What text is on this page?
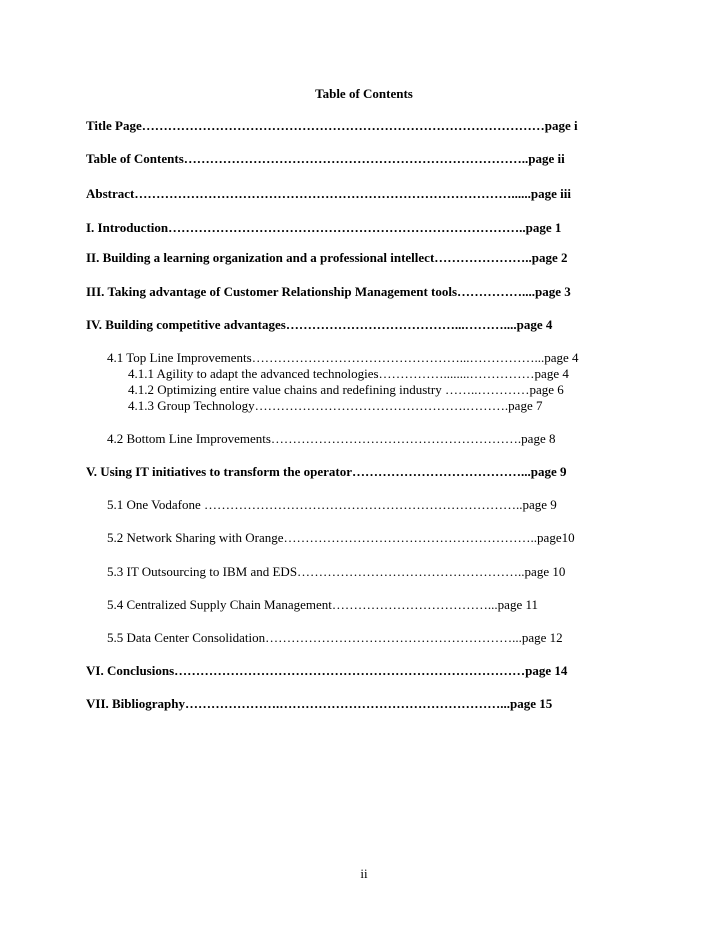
Table of Contents
Title Page…………………………………………………………………………………page i
Table of Contents……………………………………………………………………..page ii
Abstract……………………………………………………………………………......page iii
I. Introduction………………………………………………………………………..page 1
II. Building a learning organization and a professional intellect…………………..page 2
III. Taking advantage of Customer Relationship Management tools……………....page 3
IV. Building competitive advantages…………………………………...………....page 4
4.1 Top Line Improvements…………………………………………...……………...page 4
4.1.1 Agility to adapt the advanced technologies……………........……………page 4
4.1.2 Optimizing entire value chains and redefining industry ……..…………page 6
4.1.3 Group Technology………………………………………….……….page 7
4.2 Bottom Line Improvements………………………………………………….page 8
V. Using IT initiatives to transform the operator…………………………………...page 9
5.1 One Vodafone ………………………………………………………………..page 9
5.2 Network Sharing with Orange…………………………………………………..page10
5.3 IT Outsourcing to IBM and EDS……………………………………………..page 10
5.4 Centralized Supply Chain Management………………………………...page 11
5.5 Data Center Consolidation…………………………………………………...page 12
VI. Conclusions………………………………………………………………………page 14
VII. Bibliography………………….……………………………………………...page 15
ii
